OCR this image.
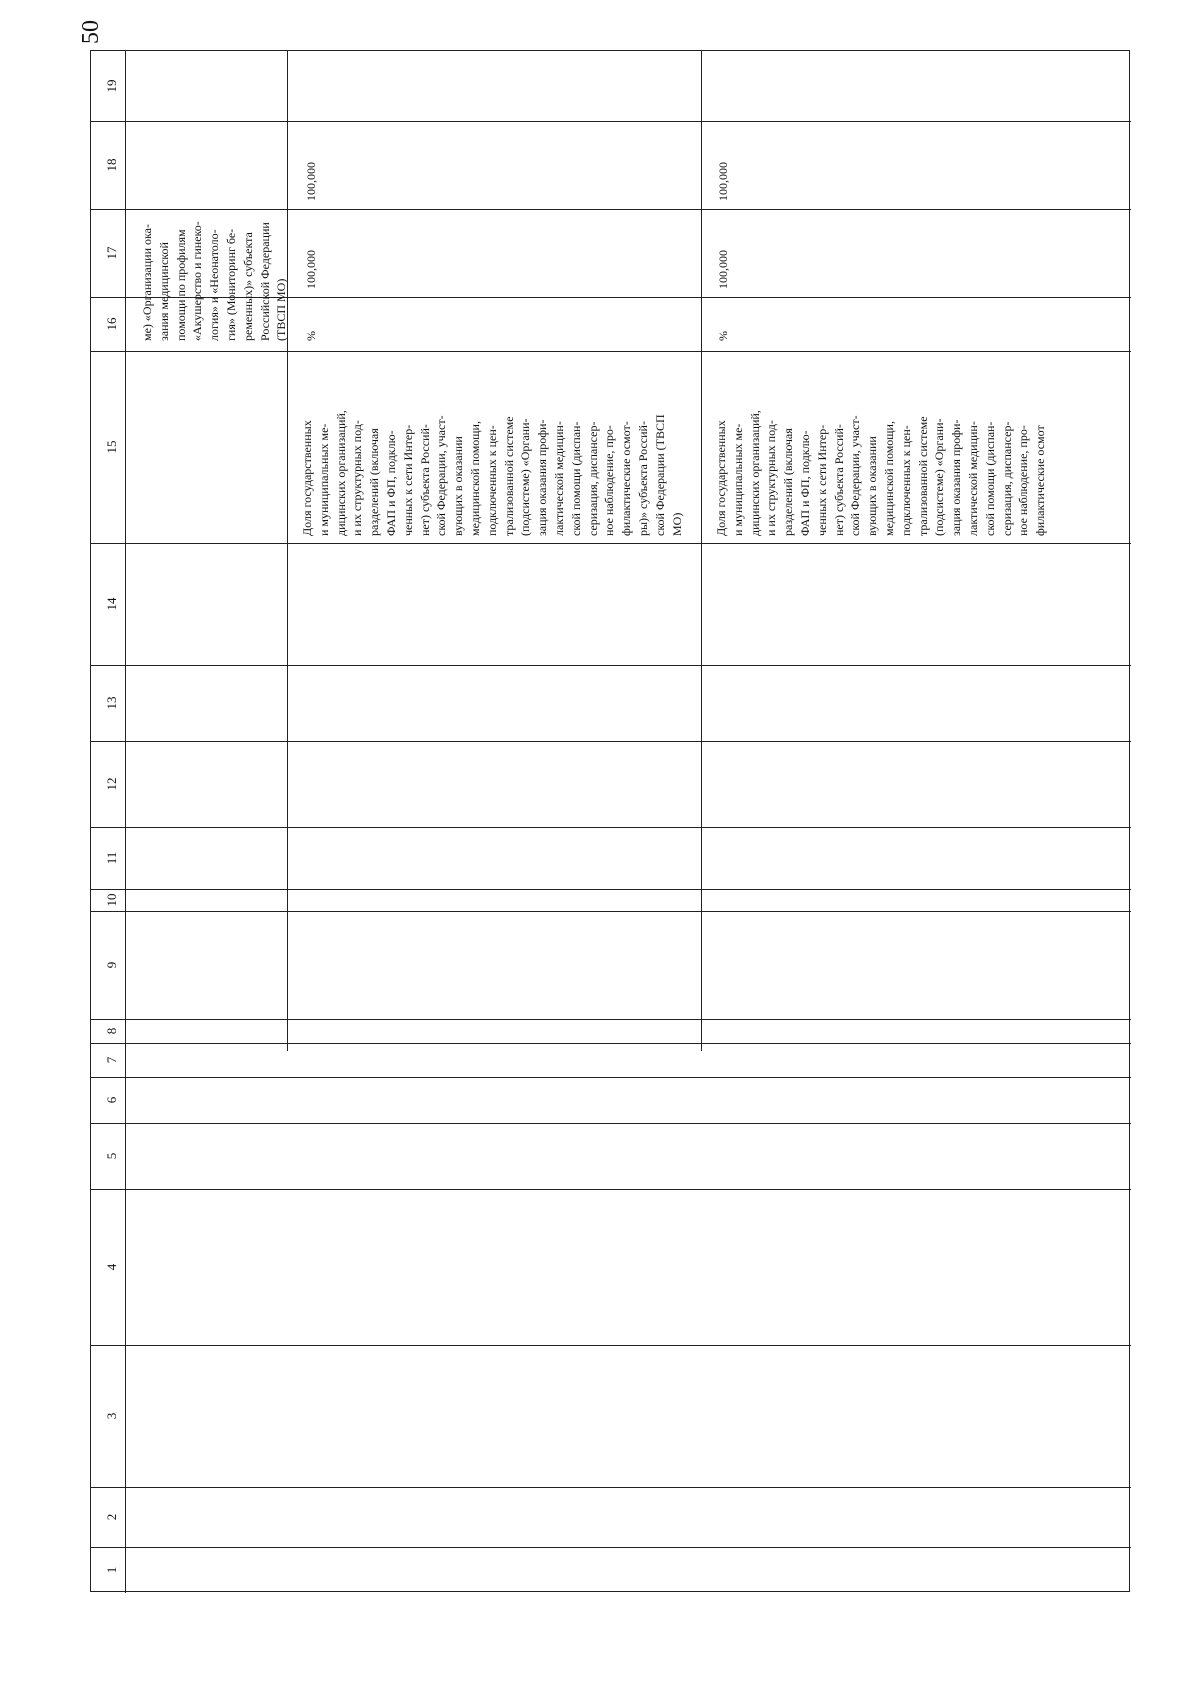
50
19
18
17
16
15
14
13
12
11
10
9
8
7
6
5
4
3
2
1
ме) «Организации ока- зания медицинской помощи по профилям «Акушерство и гинеко- логия» и «Неонатоло- гия» (Мониторинг бе- ременных)» субъекта Российской Федерации (ТВСП МО) %
100,000
100,000
Доля государственных и муниципальных ме- дицинских организаций, и их структурных под- разделений (включая ФАП и ФП, подклю- ченных к сети Интер- нет) субъекта Россий- ской Федерации, участ- вующих в оказании медицинской помощи, подключенных к цен- трализованной системе (подсистеме) «Органи- зация оказания профи- лактической медицин- ской помощи (диспан- серизация, диспансер- ное наблюдение, про- филактические осмот- ры)» субъекта Россий- ской Федерации (ТВСП МО)
%
100,000
100,000
Доля государственных и муниципальных ме- дицинских организаций, и их структурных под- разделений (включая ФАП и ФП, подклю- ченных к сети Интер- нет) субъекта Россий- ской Федерации, участ- вующих в оказании медицинской помощи, подключенных к цен- трализованной системе (подсистеме) «Органи- зация оказания профи- лактической медицин- ской помощи (диспан- серизация, диспансер- ное наблюдение, про- филактические осмот
